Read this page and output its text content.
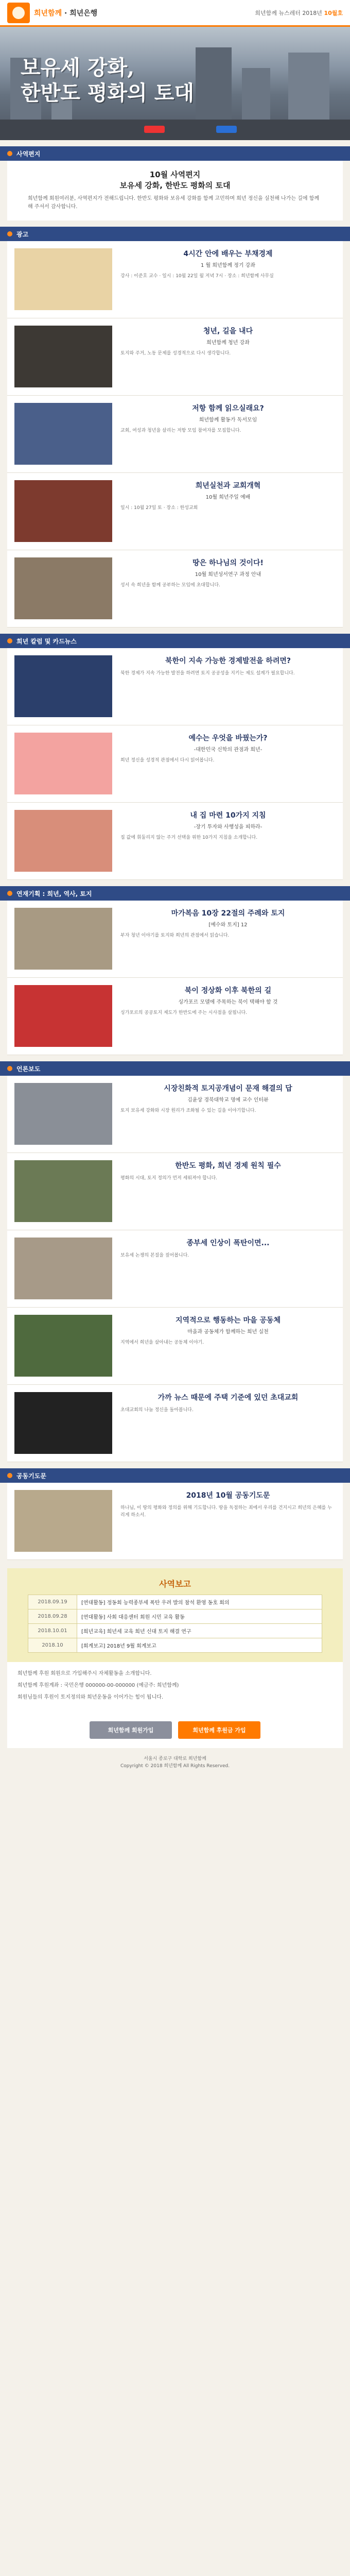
희년함께 · 희년은행	희년함께 뉴스레터 2018년 10월호
보유세 강화,
한반도 평화의 토대
사역편지
10월 사역편지
보유세 강화, 한반도 평화의 토대

희년함께 회원여러분, 사역편지가 전해드립니다. 한반도 평화와 보유세 강화를 함께 고민하며 희년 정신을 실천해 나가는 길에 함께해 주셔서 감사합니다.

광고
4시간 안에 배우는 부채경제
1 월 희년함께 정기 강좌

강사 : 이준호 교수 · 일시 : 10월 22일 월 저녁 7시 · 장소 : 희년함께 사무실

청년, 길을 내다
희년함께 청년 강좌

토지와 주거, 노동 문제를 성경적으로 다시 생각합니다.

저항 함께 읽으실래요?
희년함께 활동가 독서모임

교회, 여성과 청년을 살리는 저항 모임 참여자를 모집합니다.

희년실천과 교회개혁
10월 희년주일 예배

일시 : 10월 27일 토 · 장소 : 한성교회

땅은 하나님의 것이다!
10월 희년성서연구 과정 안내

성서 속 희년을 함께 공부하는 모임에 초대합니다.

희년 칼럼 및 카드뉴스
북한이 지속 가능한 경제발전을 하려면?

북한 경제가 지속 가능한 발전을 하려면 토지 공공성을 지키는 제도 설계가 필요합니다.

예수는 우엇을 바꿨는가?
-대한민국 신학의 관점과 희년-

희년 정신을 성경적 관점에서 다시 읽어봅니다.

내 집 마련 10가지 지침
-장기 투자와 사행성을 피하라-

집 값에 휘둘리지 않는 주거 선택을 위한 10가지 지침을 소개합니다.

연재기획 : 희년, 역사, 토지
마가복음 10장 22절의 주례와 토지
[예수와 토지] 12

부자 청년 이야기를 토지와 희년의 관점에서 읽습니다.

북이 정상화 이후 북한의 길
싱가포르 모델에 주목하는 북이 택해야 할 것

싱가포르의 공공토지 제도가 한반도에 주는 시사점을 살핍니다.

언론보도
시장친화적 토지공개념이 문재 해결의 답
김윤상 경북대학교 명예 교수 인터뷰

토지 보유세 강화와 시장 원리가 조화될 수 있는 길을 이야기합니다.

한반도 평화, 희년 경제 원칙 필수

평화의 시대, 토지 정의가 먼저 세워져야 합니다.

종부세 인상이 폭탄이면...

보유세 논쟁의 본질을 짚어봅니다.

지역적으로 행동하는 마을 공동체
마을과 공동체가 함께하는 희년 실천

지역에서 희년을 살아내는 공동체 이야기.

가까 뉴스 때문에 주택 기준에 있던 초대교회

초대교회의 나눔 정신을 돌아봅니다.

공동기도문
2018년 10월 공동기도문

하나님, 이 땅의 평화와 정의를 위해 기도합니다. 땅을 독점하는 죄에서 우리를 건지시고 희년의 은혜를 누리게 하소서.

사역보고
2018.09.19	[연대활동] 정동회 능력종부세 폭탄 우려 발의 참석 환영 동호 회의
2018.09.28	[연대활동] 사회 대응센터 회원 시민 교육 활동
2018.10.01	[희년교육] 희년세 교육 희년 신대 토지 해결 연구
2018.10	[회계보고] 2018년 9월 회계보고

희년함께 후원 회원으로 가입해주시 자체활동을 소개합니다.

희년함께 후원계좌 : 국민은행 000000-00-000000 (예금주: 희년함께)

회원님들의 후원이 토지정의와 희년운동을 이어가는 힘이 됩니다.

희년함께 회원가입	희년함께 후원금 가입
서울시 종로구 대학로 희년함께
Copyright © 2018 희년함께 All Rights Reserved.
